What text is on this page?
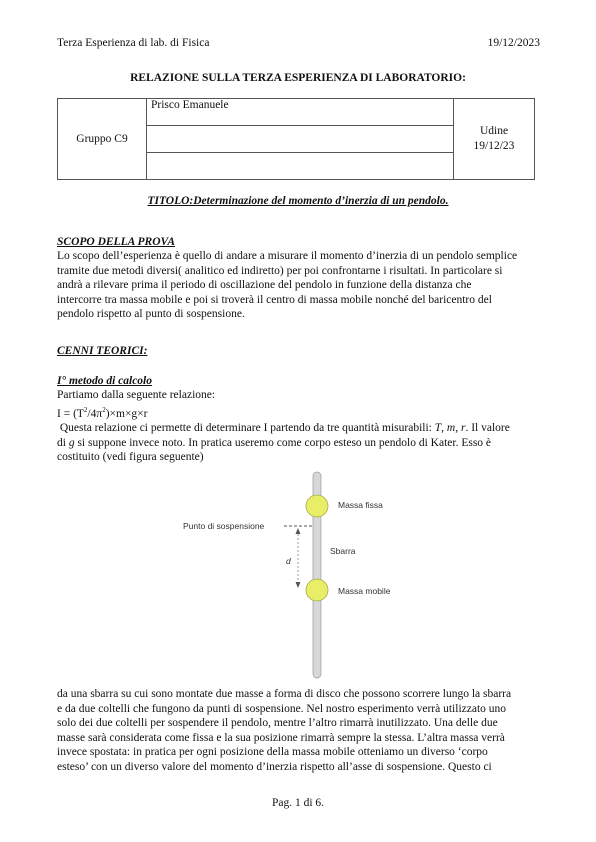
Terza Esperienza di lab. di Fisica	19/12/2023
RELAZIONE SULLA TERZA ESPERIENZA DI LABORATORIO:
Gruppo C9	Prisco Emanuele	Udine
19/12/23

TITOLO:Determinazione del momento d’inerzia di un pendolo.
SCOPO DELLA PROVA
Lo scopo dell’esperienza è quello di andare a misurare il momento d’inerzia di un pendolo semplice
tramite due metodi diversi( analitico ed indiretto) per poi confrontarne i risultati. In particolare si
andrà a rilevare prima il periodo di oscillazione del pendolo in funzione della distanza che
intercorre tra massa mobile e poi si troverà il centro di massa mobile nonché del baricentro del
pendolo rispetto al punto di sospensione.
CENNI TEORICI:
I° metodo di calcolo
Partiamo dalla seguente relazione:
$I = (T^2/4\pi^2)\times m\times g\times r$
Questa relazione ci permette di determinare I partendo da tre quantità misurabili: T, m, r. Il valore
di g si suppone invece noto. In pratica useremo come corpo esteso un pendolo di Kater. Esso è
costituito (vedi figura seguente)
Massa fissa
Punto di sospensione
Sbarra
d
Massa mobile
da una sbarra su cui sono montate due masse a forma di disco che possono scorrere lungo la sbarra
e da due coltelli che fungono da punti di sospensione. Nel nostro esperimento verrà utilizzato uno
solo dei due coltelli per sospendere il pendolo, mentre l’altro rimarrà inutilizzato. Una delle due
masse sarà considerata come fissa e la sua posizione rimarrà sempre la stessa. L’altra massa verrà
invece spostata: in pratica per ogni posizione della massa mobile otteniamo un diverso ‘corpo
esteso’ con un diverso valore del momento d’inerzia rispetto all’asse di sospensione. Questo ci
Pag. 1 di 6.
